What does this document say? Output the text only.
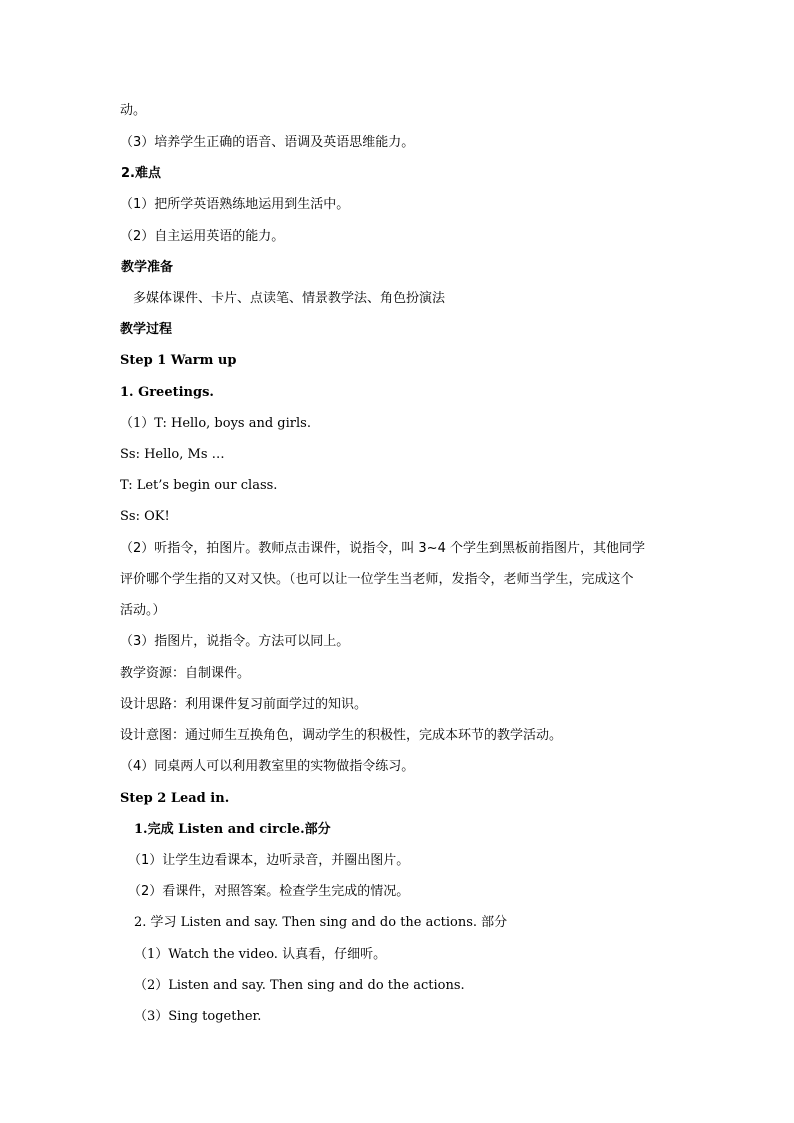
动。
（3）培养学生正确的语音、语调及英语思维能力。
2.难点
（1）把所学英语熟练地运用到生活中。
（2）自主运用英语的能力。
教学准备
多媒体课件、卡片、点读笔、情景教学法、角色扮演法
教学过程
Step 1 Warm up
1. Greetings.
（1）T: Hello, boys and girls.
Ss: Hello, Ms …
T: Let’s begin our class.
Ss: OK!
（2）听指令，拍图片。教师点击课件，说指令，叫 3~4 个学生到黑板前指图片，其他同学
评价哪个学生指的又对又快。（也可以让一位学生当老师，发指令，老师当学生，完成这个
活动。）
（3）指图片，说指令。方法可以同上。
教学资源：自制课件。
设计思路：利用课件复习前面学过的知识。
设计意图：通过师生互换角色，调动学生的积极性，完成本环节的教学活动。
（4）同桌两人可以利用教室里的实物做指令练习。
Step 2 Lead in.
1.完成 Listen and circle.部分
（1）让学生边看课本，边听录音，并圈出图片。
（2）看课件，对照答案。检查学生完成的情况。
2. 学习 Listen and say. Then sing and do the actions. 部分
（1）Watch the video. 认真看，仔细听。
（2）Listen and say. Then sing and do the actions.
（3）Sing together.
